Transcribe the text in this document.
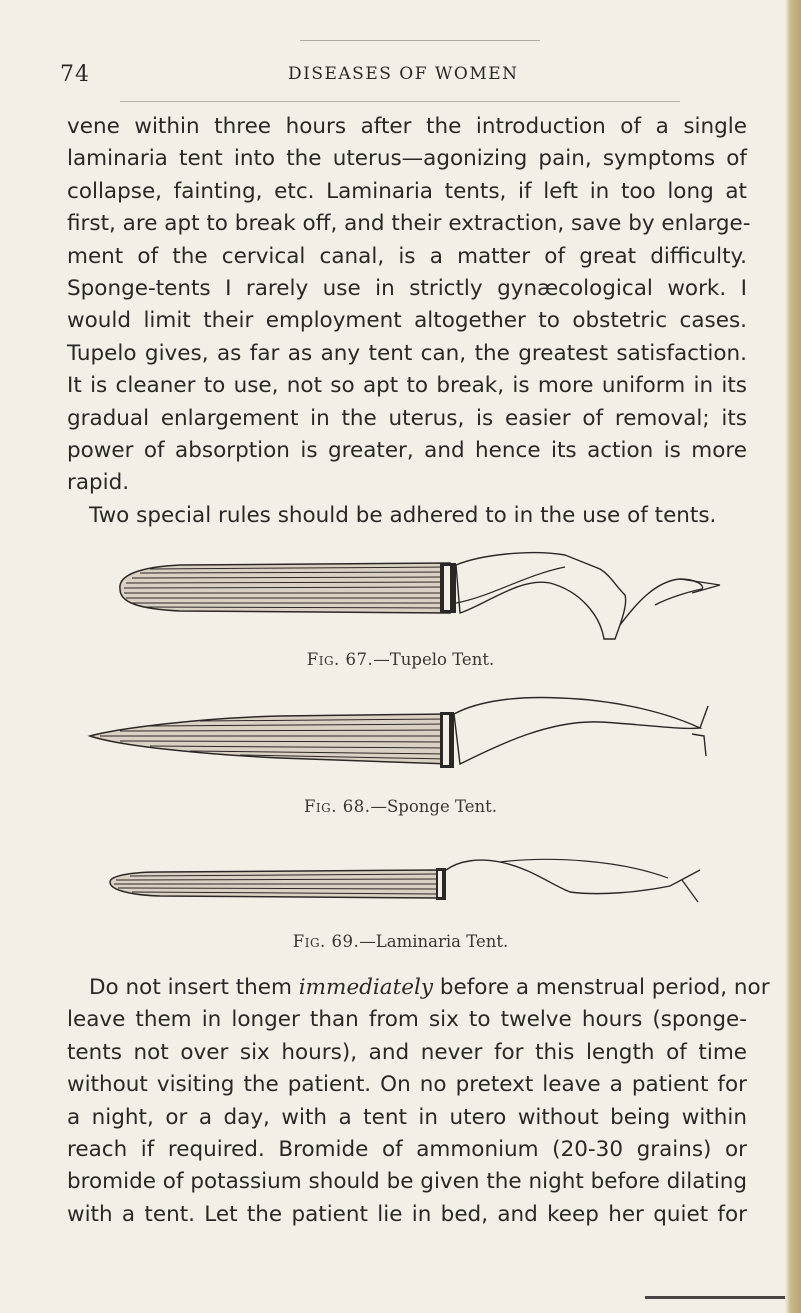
74	DISEASES OF WOMEN
vene within three hours after the introduction of a single
laminaria tent into the uterus—agonizing pain, symptoms of
collapse, fainting, etc. Laminaria tents, if left in too long at
first, are apt to break off, and their extraction, save by enlarge-
ment of the cervical canal, is a matter of great difficulty.
Sponge-tents I rarely use in strictly gynæcological work. I
would limit their employment altogether to obstetric cases.
Tupelo gives, as far as any tent can, the greatest satisfaction.
It is cleaner to use, not so apt to break, is more uniform in its
gradual enlargement in the uterus, is easier of removal; its
power of absorption is greater, and hence its action is more
rapid.
Two special rules should be adhered to in the use of tents.
Fig. 67.—Tupelo Tent.
Fig. 68.—Sponge Tent.
Fig. 69.—Laminaria Tent.
Do not insert them immediately before a menstrual period, nor
leave them in longer than from six to twelve hours (sponge-
tents not over six hours), and never for this length of time
without visiting the patient. On no pretext leave a patient for
a night, or a day, with a tent in utero without being within
reach if required. Bromide of ammonium (20-30 grains) or
bromide of potassium should be given the night before dilating
with a tent. Let the patient lie in bed, and keep her quiet for
